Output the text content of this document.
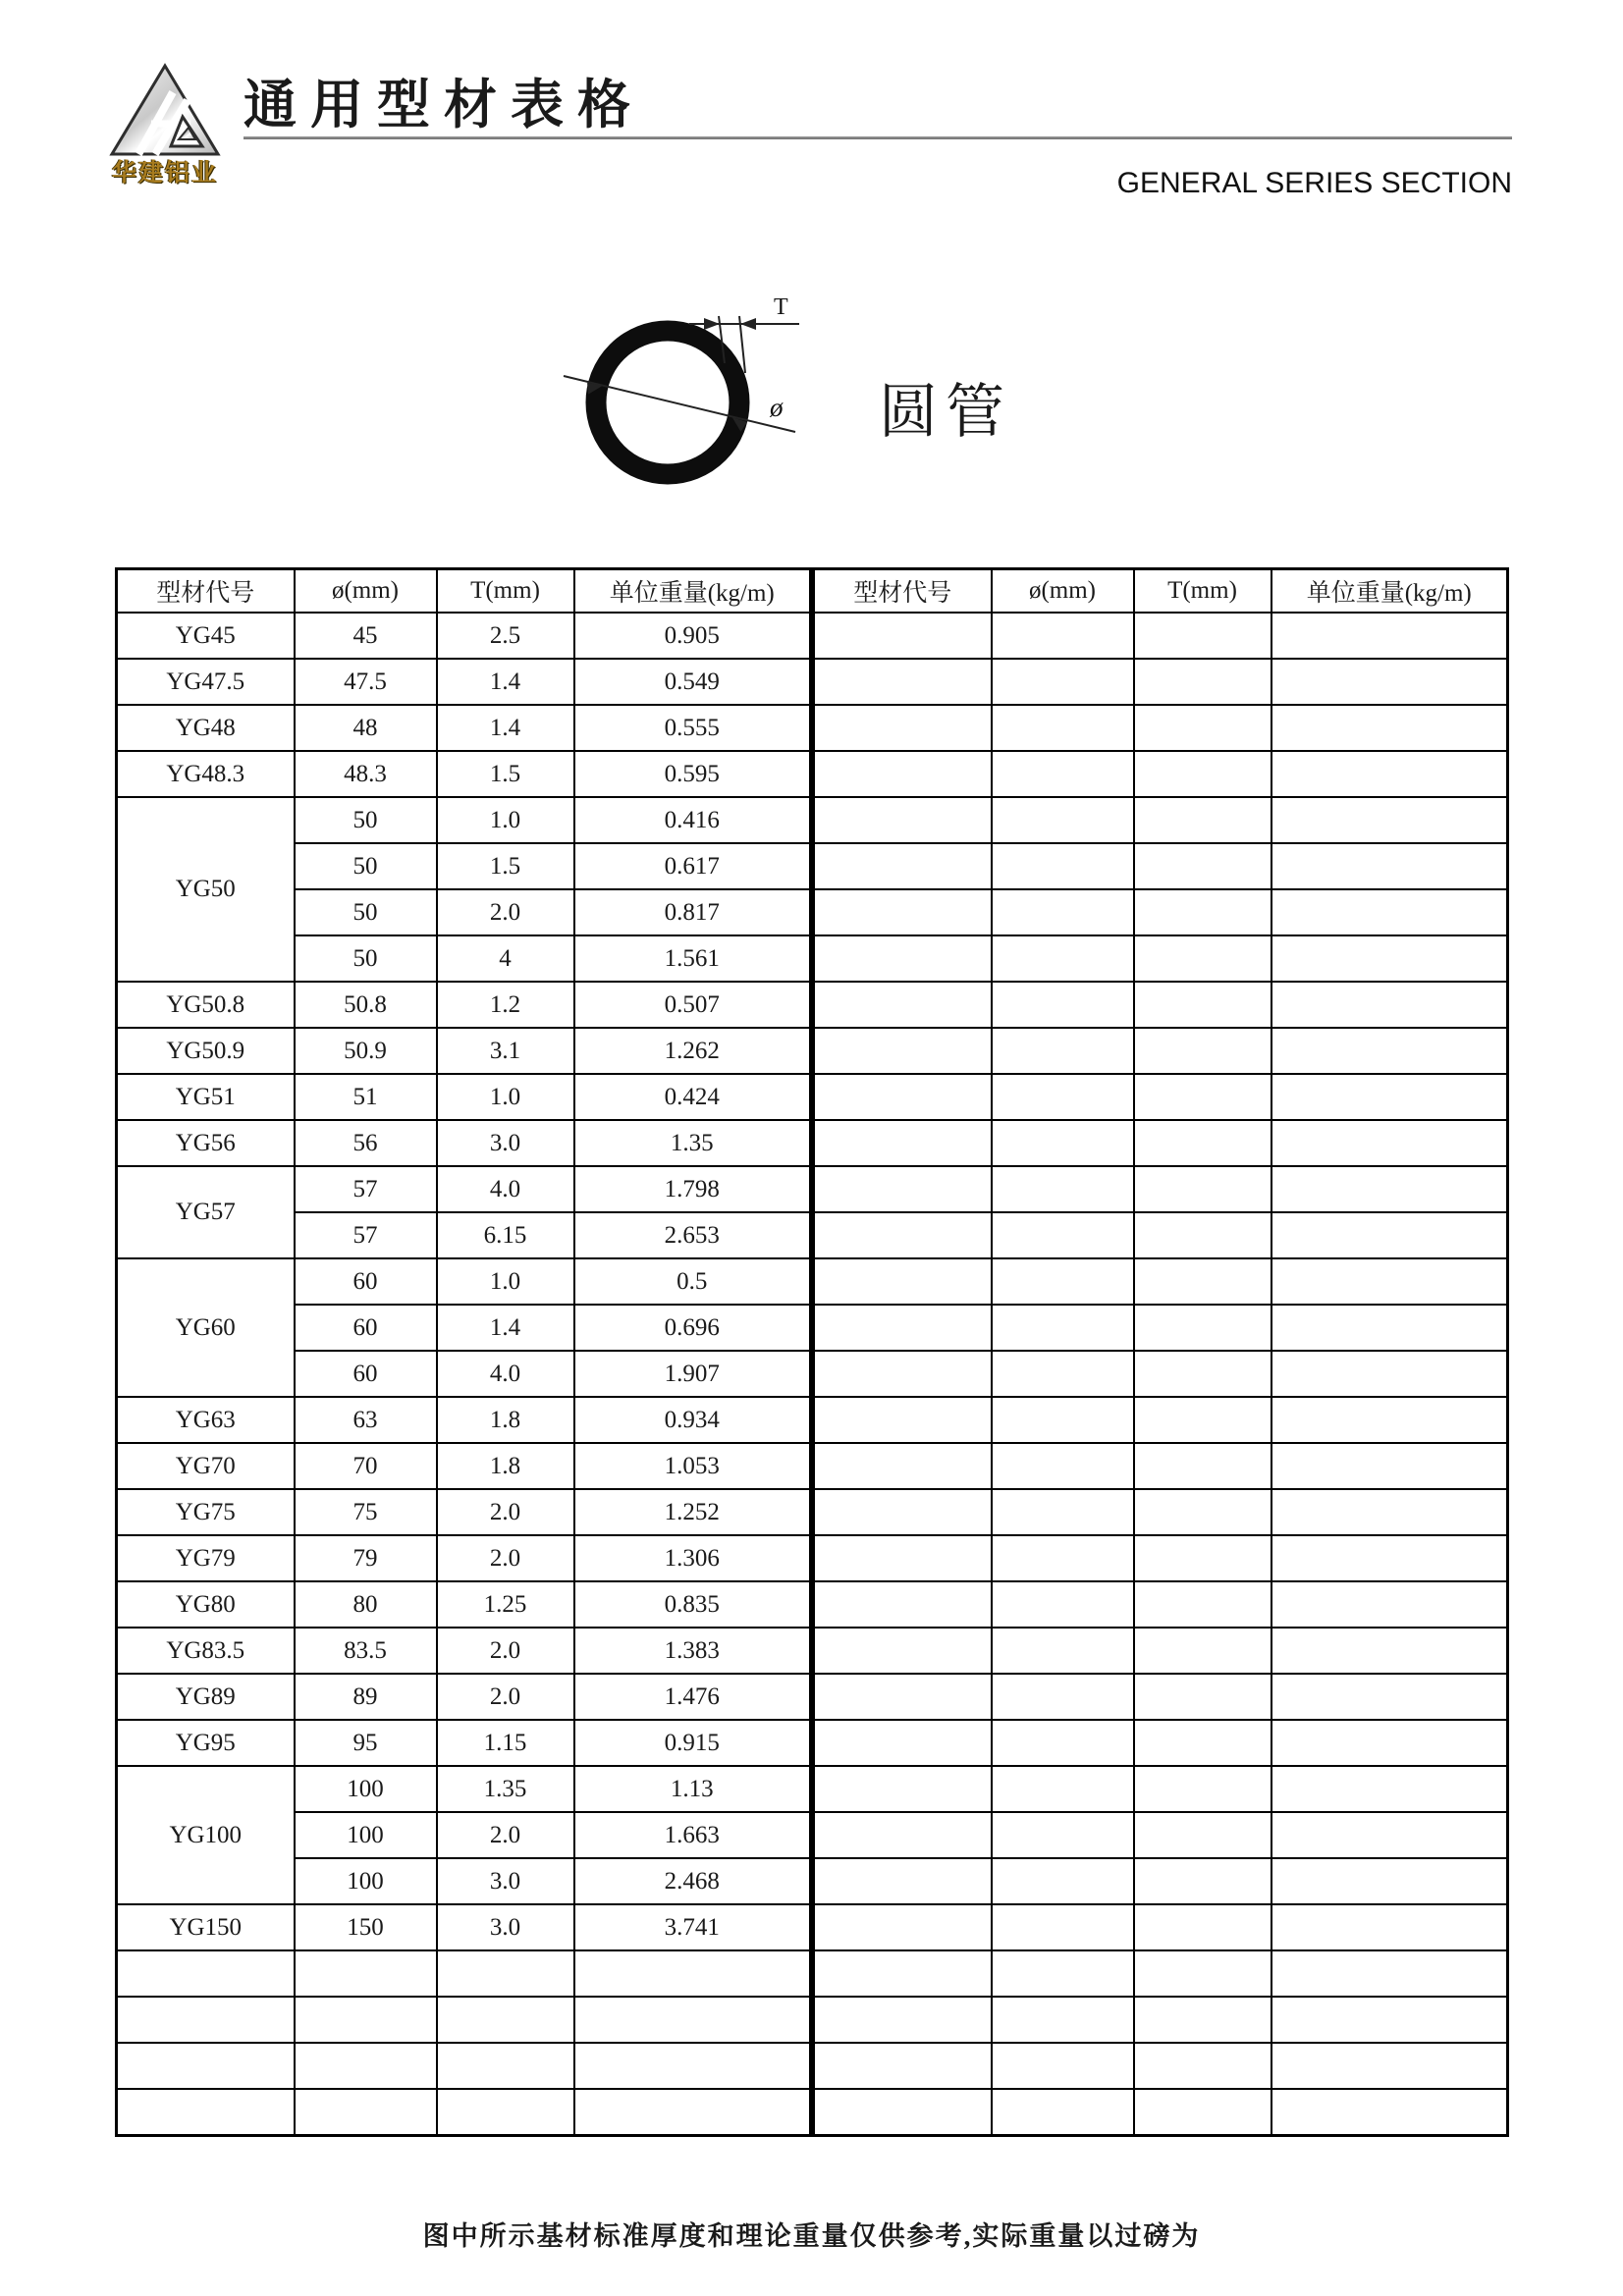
华建铝业
通用型材表格
GENERAL SERIES SECTION
T
ø 圆管
型材代号	ø(mm)	T(mm)	单位重量(kg/m)
YG45	45	2.5	0.905
YG47.5	47.5	1.4	0.549
YG48	48	1.4	0.555
YG48.3	48.3	1.5	0.595
YG50	50	1.0	0.416
	50	1.5	0.617
	50	2.0	0.817
	50	4	1.561
YG50.8	50.8	1.2	0.507
YG50.9	50.9	3.1	1.262
YG51	51	1.0	0.424
YG56	56	3.0	1.35
YG57	57	4.0	1.798
	57	6.15	2.653
YG60	60	1.0	0.5
	60	1.4	0.696
	60	4.0	1.907
YG63	63	1.8	0.934
YG70	70	1.8	1.053
YG75	75	2.0	1.252
YG79	79	2.0	1.306
YG80	80	1.25	0.835
YG83.5	83.5	2.0	1.383
YG89	89	2.0	1.476
YG95	95	1.15	0.915
YG100	100	1.35	1.13
	100	2.0	1.663
	100	3.0	2.468
YG150	150	3.0	3.741

型材代号	ø(mm)	T(mm)	单位重量(kg/m)

图中所示基材标准厚度和理论重量仅供参考,实际重量以过磅为
